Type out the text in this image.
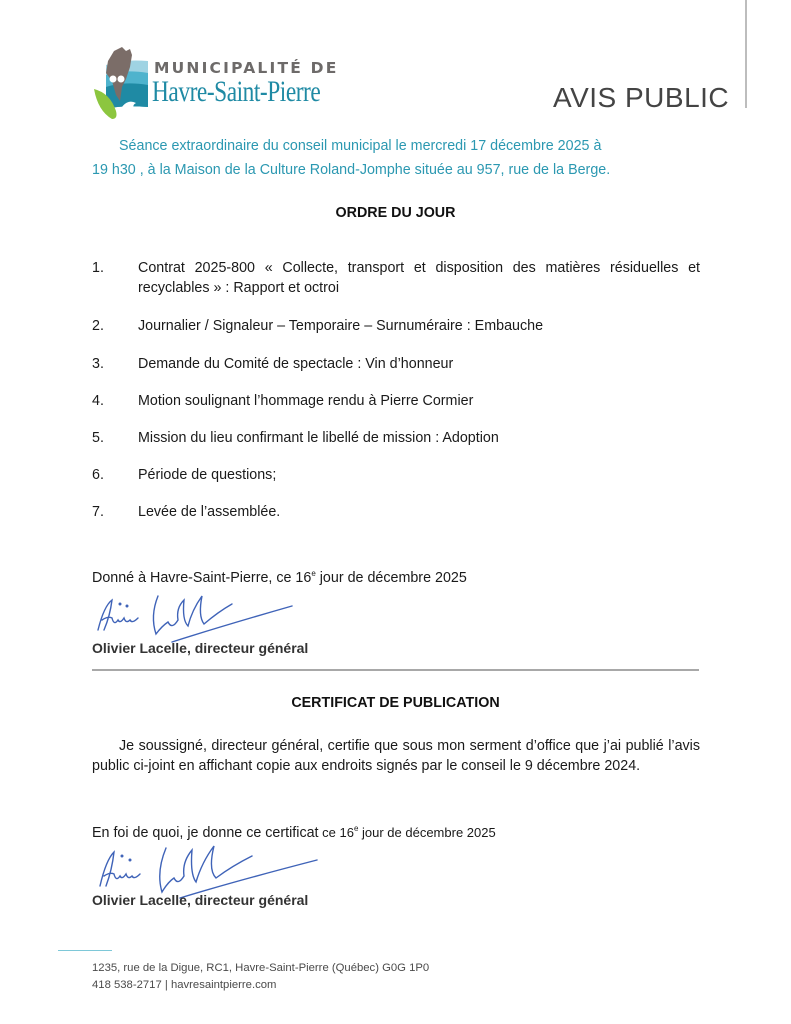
MUNICIPALITÉ DE
Havre-Saint-Pierre	AVIS PUBLIC
Séance extraordinaire du conseil municipal le mercredi 17 décembre 2025 à
19 h30 , à la Maison de la Culture Roland-Jomphe située au 957, rue de la Berge.
ORDRE DU JOUR
1. Contrat 2025-800 « Collecte, transport et disposition des matières résiduelles et recyclables » : Rapport et octroi
2. Journalier / Signaleur – Temporaire – Surnuméraire : Embauche
3. Demande du Comité de spectacle : Vin d’honneur
4. Motion soulignant l’hommage rendu à Pierre Cormier
5. Mission du lieu confirmant le libellé de mission : Adoption
6. Période de questions;
7. Levée de l’assemblée.
Donné à Havre-Saint-Pierre, ce 16e jour de décembre 2025
Olivier Lacelle, directeur général
CERTIFICAT DE PUBLICATION
Je soussigné, directeur général, certifie que sous mon serment d’office que j’ai publié l’avis public ci-joint en affichant copie aux endroits signés par le conseil le 9 décembre 2024.
En foi de quoi, je donne ce certificat ce 16e jour de décembre 2025
Olivier Lacelle, directeur général
1235, rue de la Digue, RC1, Havre-Saint-Pierre (Québec) G0G 1P0
418 538-2717 | havresaintpierre.com
